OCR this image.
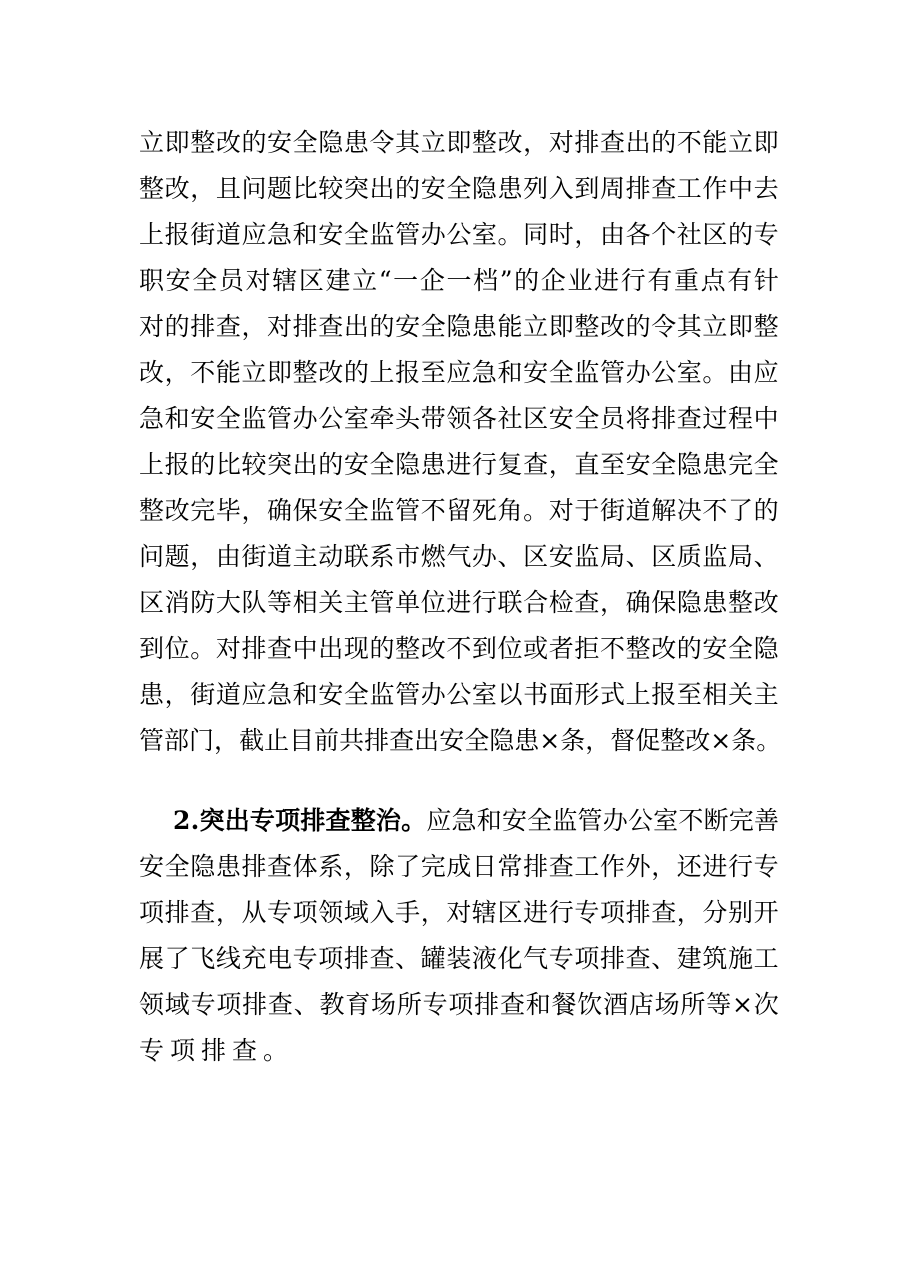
立 即 整 改 的 安 全 隐 患 令 其 立 即 整 改 ， 对 排 查 出 的 不 能 立 即
整 改 ， 且 问 题 比 较 突 出 的 安 全 隐 患 列 入 到 周 排 查 工 作 中 去
上 报 街 道 应 急 和 安 全 监 管 办 公 室 。 同 时 ， 由 各 个 社 区 的 专
职 安 全 员 对 辖 区 建 立 “ 一 企 一 档 ” 的 企 业 进 行 有 重 点 有 针
对 的 排 查 ， 对 排 查 出 的 安 全 隐 患 能 立 即 整 改 的 令 其 立 即 整
改 ， 不 能 立 即 整 改 的 上 报 至 应 急 和 安 全 监 管 办 公 室 。 由 应
急 和 安 全 监 管 办 公 室 牵 头 带 领 各 社 区 安 全 员 将 排 查 过 程 中
上 报 的 比 较 突 出 的 安 全 隐 患 进 行 复 查 ， 直 至 安 全 隐 患 完 全
整 改 完 毕 ， 确 保 安 全 监 管 不 留 死 角 。 对 于 街 道 解 决 不 了 的
问 题 ， 由 街 道 主 动 联 系 市 燃 气 办 、 区 安 监 局 、 区 质 监 局 、
区 消 防 大 队 等 相 关 主 管 单 位 进 行 联 合 检 查 ， 确 保 隐 患 整 改
到 位 。 对 排 查 中 出 现 的 整 改 不 到 位 或 者 拒 不 整 改 的 安 全 隐
患 ， 街 道 应 急 和 安 全 监 管 办 公 室 以 书 面 形 式 上 报 至 相 关 主
管 部 门 ， 截 止 目 前 共 排 查 出 安 全 隐 患 × 条 ， 督 促 整 改 × 条 。
2 . 突 出 专 项 排 查 整 治 。 应 急 和 安 全 监 管 办 公 室 不 断 完 善
安 全 隐 患 排 查 体 系 ， 除 了 完 成 日 常 排 查 工 作 外 ， 还 进 行 专
项 排 查 ， 从 专 项 领 域 入 手 ， 对 辖 区 进 行 专 项 排 查 ， 分 别 开
展 了 飞 线 充 电 专 项 排 查 、 罐 装 液 化 气 专 项 排 查 、 建 筑 施 工
领 域 专 项 排 查 、 教 育 场 所 专 项 排 查 和 餐 饮 酒 店 场 所 等 × 次
专项排查。
